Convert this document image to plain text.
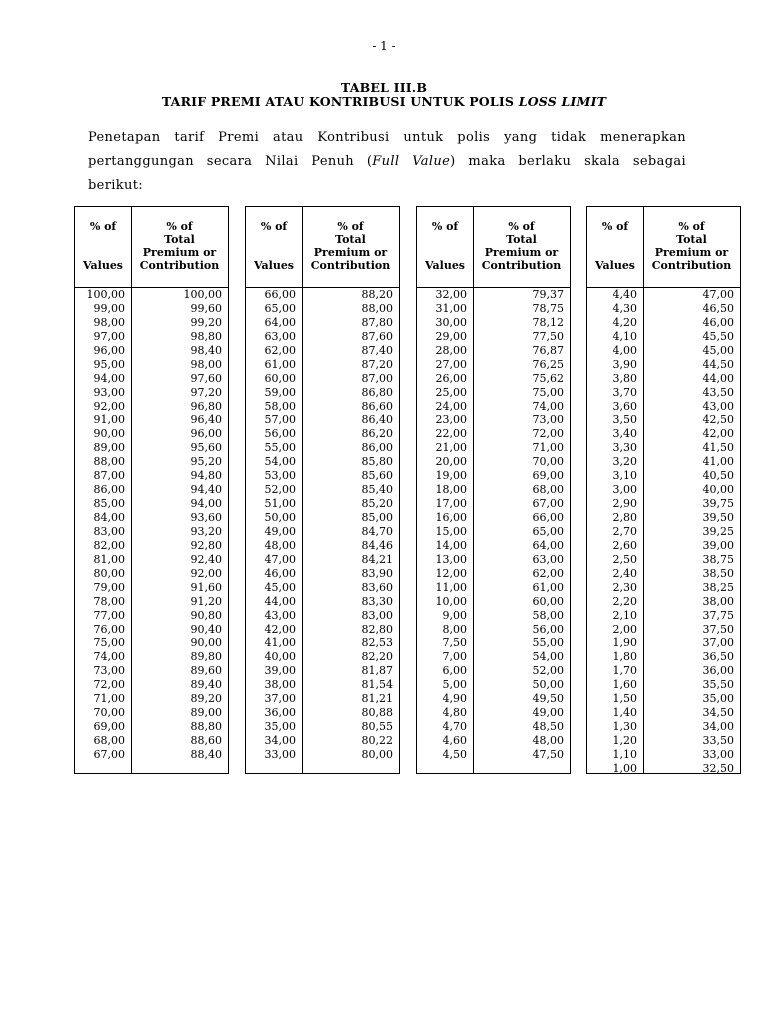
- 1 -
TABEL III.B
TARIF PREMI ATAU KONTRIBUSI UNTUK POLIS LOSS LIMIT
Penetapan tarif Premi atau Kontribusi untuk polis yang tidak menerapkan
pertanggungan secara Nilai Penuh (Full Value) maka berlaku skala sebagai
berikut:
% of
Values
% of
Total
Premium or
Contribution
100,00
99,00
98,00
97,00
96,00
95,00
94,00
93,00
92,00
91,00
90,00
89,00
88,00
87,00
86,00
85,00
84,00
83,00
82,00
81,00
80,00
79,00
78,00
77,00
76,00
75,00
74,00
73,00
72,00
71,00
70,00
69,00
68,00
67,00
100,00
99,60
99,20
98,80
98,40
98,00
97,60
97,20
96,80
96,40
96,00
95,60
95,20
94,80
94,40
94,00
93,60
93,20
92,80
92,40
92,00
91,60
91,20
90,80
90,40
90,00
89,80
89,60
89,40
89,20
89,00
88,80
88,60
88,40
% of
Values
% of
Total
Premium or
Contribution
66,00
65,00
64,00
63,00
62,00
61,00
60,00
59,00
58,00
57,00
56,00
55,00
54,00
53,00
52,00
51,00
50,00
49,00
48,00
47,00
46,00
45,00
44,00
43,00
42,00
41,00
40,00
39,00
38,00
37,00
36,00
35,00
34,00
33,00
88,20
88,00
87,80
87,60
87,40
87,20
87,00
86,80
86,60
86,40
86,20
86,00
85,80
85,60
85,40
85,20
85,00
84,70
84,46
84,21
83,90
83,60
83,30
83,00
82,80
82,53
82,20
81,87
81,54
81,21
80,88
80,55
80,22
80,00
% of
Values
% of
Total
Premium or
Contribution
32,00
31,00
30,00
29,00
28,00
27,00
26,00
25,00
24,00
23,00
22,00
21,00
20,00
19,00
18,00
17,00
16,00
15,00
14,00
13,00
12,00
11,00
10,00
9,00
8,00
7,50
7,00
6,00
5,00
4,90
4,80
4,70
4,60
4,50
79,37
78,75
78,12
77,50
76,87
76,25
75,62
75,00
74,00
73,00
72,00
71,00
70,00
69,00
68,00
67,00
66,00
65,00
64,00
63,00
62,00
61,00
60,00
58,00
56,00
55,00
54,00
52,00
50,00
49,50
49,00
48,50
48,00
47,50
% of
Values
% of
Total
Premium or
Contribution
4,40
4,30
4,20
4,10
4,00
3,90
3,80
3,70
3,60
3,50
3,40
3,30
3,20
3,10
3,00
2,90
2,80
2,70
2,60
2,50
2,40
2,30
2,20
2,10
2,00
1,90
1,80
1,70
1,60
1,50
1,40
1,30
1,20
1,10
1,00
47,00
46,50
46,00
45,50
45,00
44,50
44,00
43,50
43,00
42,50
42,00
41,50
41,00
40,50
40,00
39,75
39,50
39,25
39,00
38,75
38,50
38,25
38,00
37,75
37,50
37,00
36,50
36,00
35,50
35,00
34,50
34,00
33,50
33,00
32,50
